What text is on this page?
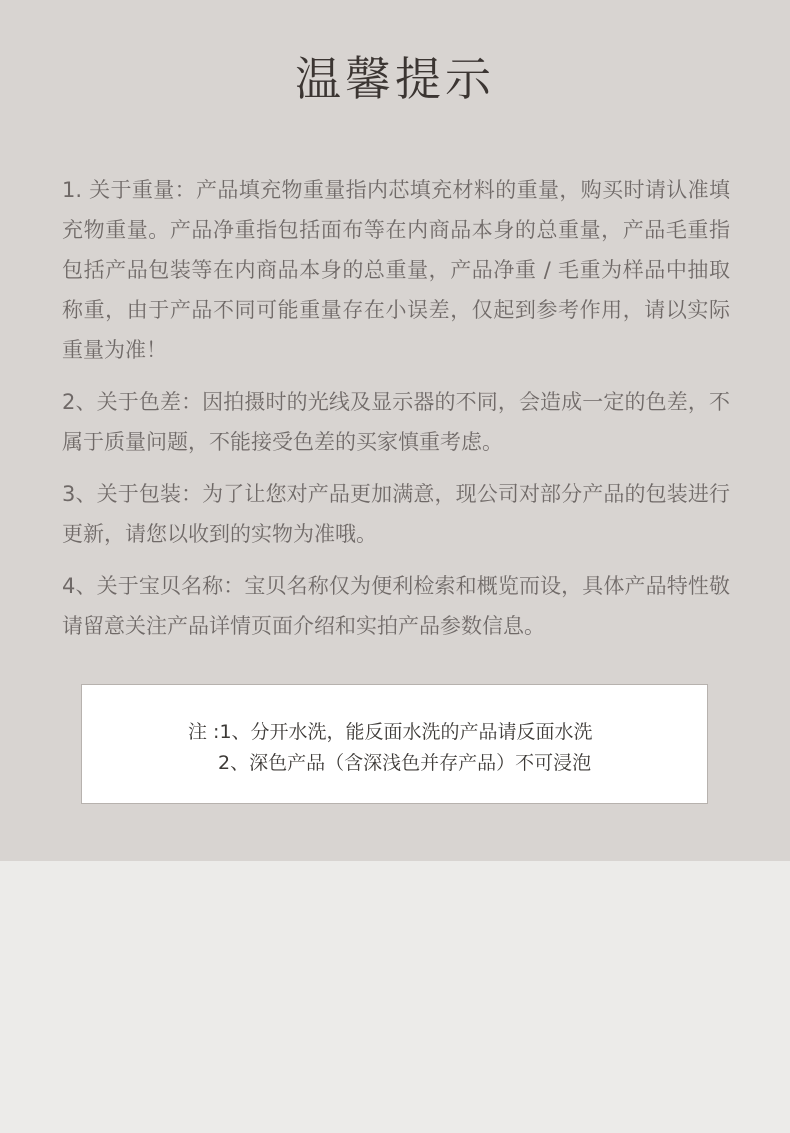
温馨提示

1. 关于重量：产品填充物重量指内芯填充材料的重量，购买时请认准填充物重量。产品净重指包括面布等在内商品本身的总重量，产品毛重指包括产品包装等在内商品本身的总重量，产品净重 / 毛重为样品中抽取称重，由于产品不同可能重量存在小误差，仅起到参考作用，请以实际重量为准！

2、关于色差：因拍摄时的光线及显示器的不同，会造成一定的色差，不属于质量问题，不能接受色差的买家慎重考虑。

3、关于包装：为了让您对产品更加满意，现公司对部分产品的包装进行更新，请您以收到的实物为准哦。

4、关于宝贝名称：宝贝名称仅为便利检索和概览而设，具体产品特性敬请留意关注产品详情页面介绍和实拍产品参数信息。

注 :1、分开水洗，能反面水洗的产品请反面水洗
2、深色产品（含深浅色并存产品）不可浸泡
